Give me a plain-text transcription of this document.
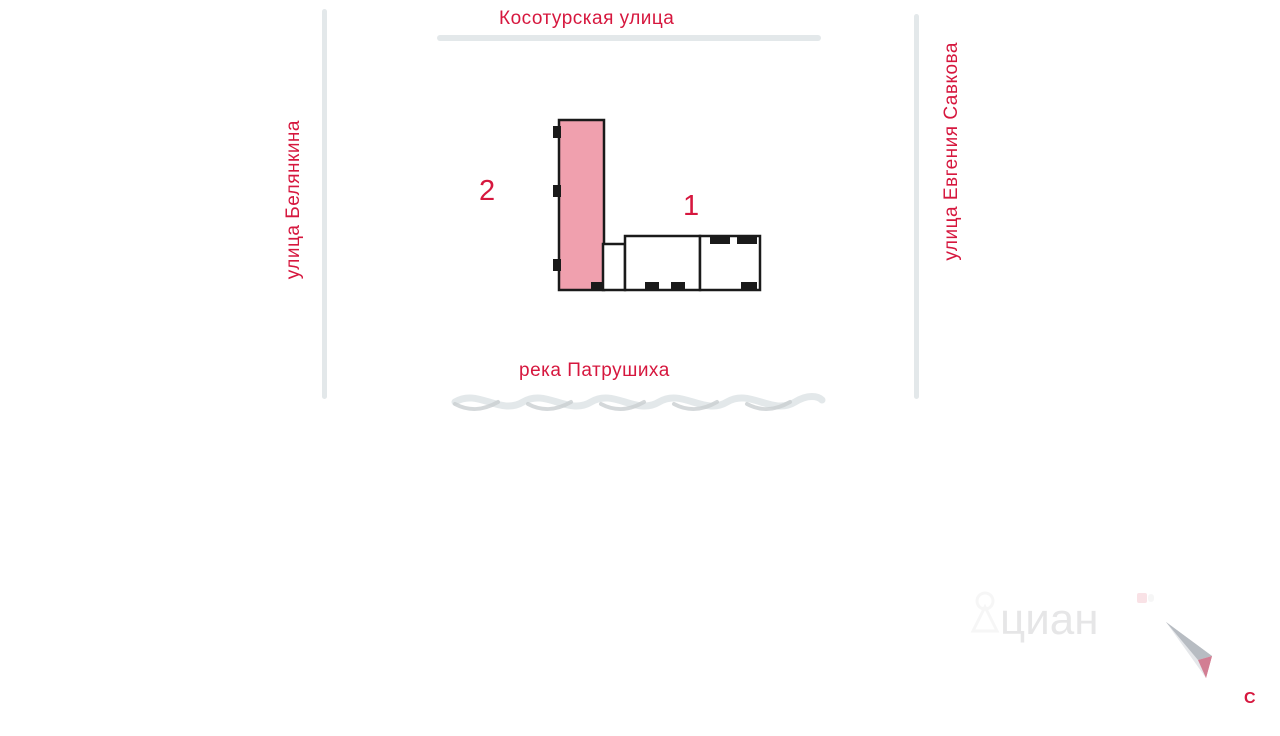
Косотурская улица
улица Белянкина	улица Евгения Савкова
река Патрушиха
2	1
циан
С
